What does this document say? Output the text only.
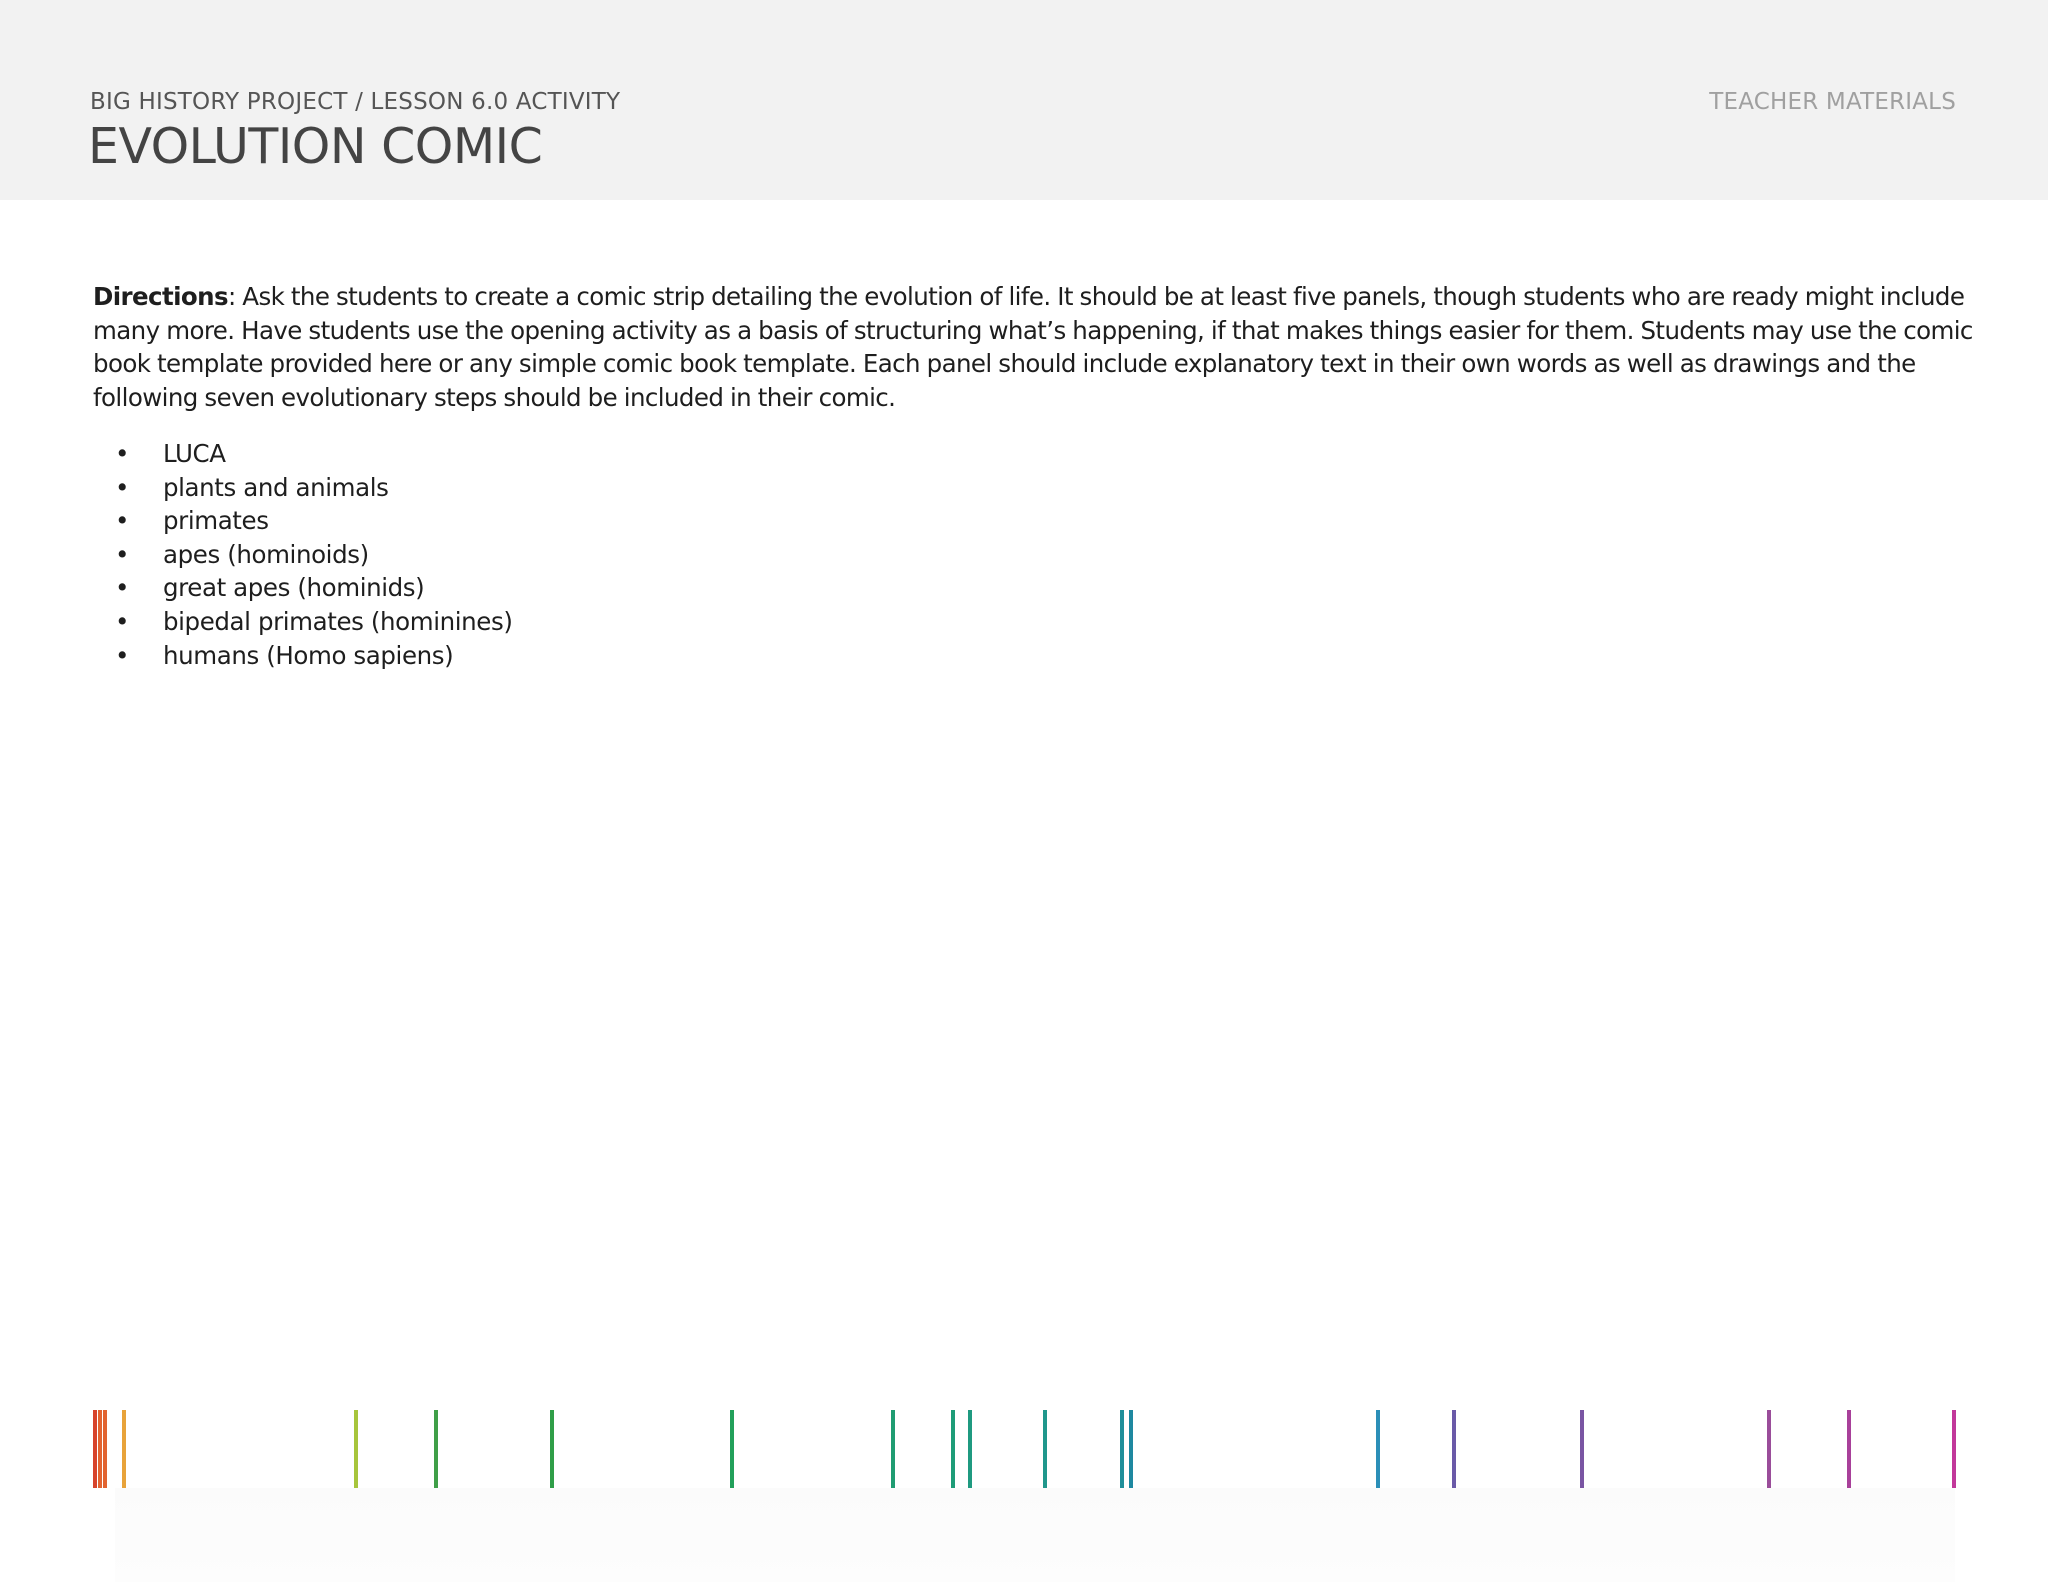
BIG HISTORY PROJECT / LESSON 6.0 ACTIVITY
EVOLUTION COMIC
TEACHER MATERIALS

Directions: Ask the students to create a comic strip detailing the evolution of life. It should be at least five panels, though students who are ready might include many more. Have students use the opening activity as a basis of structuring what’s happening, if that makes things easier for them. Students may use the comic book template provided here or any simple comic book template. Each panel should include explanatory text in their own words as well as drawings and the following seven evolutionary steps should be included in their comic.

• LUCA
• plants and animals
• primates
• apes (hominoids)
• great apes (hominids)
• bipedal primates (hominines)
• humans (Homo sapiens)
